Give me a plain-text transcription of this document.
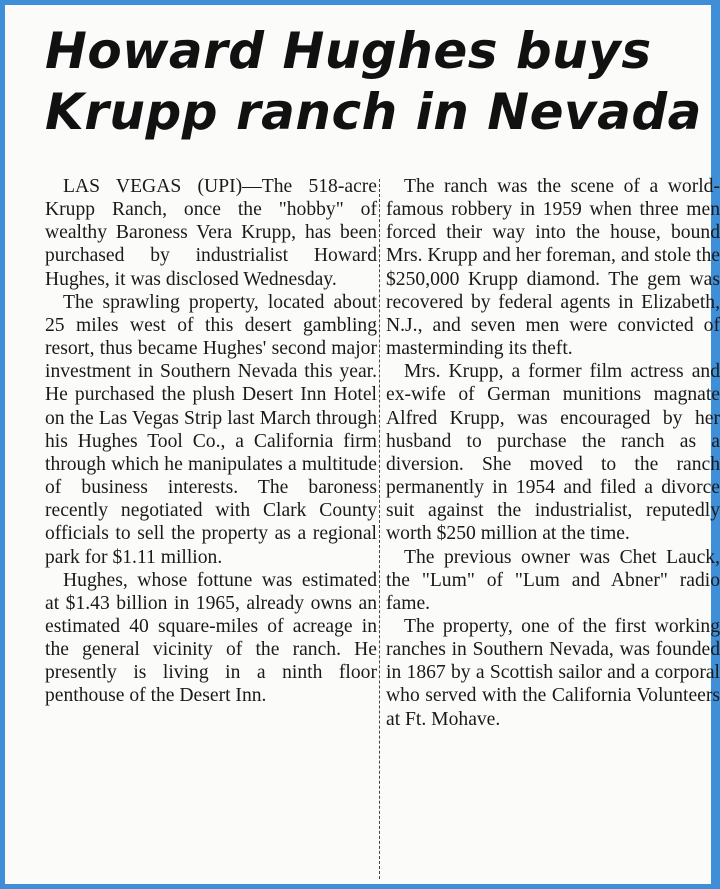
Howard Hughes buys
Krupp ranch in Nevada

LAS VEGAS (UPI)—The 518-acre Krupp Ranch, once the "hobby" of wealthy Baroness Vera Krupp, has been purchased by industrialist Howard Hughes, it was disclosed Wednesday.

The sprawling property, located about 25 miles west of this desert gambling resort, thus became Hughes' second major investment in Southern Nevada this year. He purchased the plush Desert Inn Hotel on the Las Vegas Strip last March through his Hughes Tool Co., a California firm through which he manipulates a multitude of business interests. The baroness recently negotiated with Clark County officials to sell the property as a regional park for $1.11 million.

Hughes, whose fottune was estimated at $1.43 billion in 1965, already owns an estimated 40 square-miles of acreage in the general vicinity of the ranch. He presently is living in a ninth floor penthouse of the Desert Inn.

The ranch was the scene of a world-famous robbery in 1959 when three men forced their way into the house, bound Mrs. Krupp and her foreman, and stole the $250,000 Krupp diamond. The gem was recovered by federal agents in Elizabeth, N.J., and seven men were convicted of masterminding its theft.

Mrs. Krupp, a former film actress and ex-wife of German munitions magnate Alfred Krupp, was encouraged by her husband to purchase the ranch as a diversion. She moved to the ranch permanently in 1954 and filed a divorce suit against the industrialist, reputedly worth $250 million at the time.

The previous owner was Chet Lauck, the "Lum" of "Lum and Abner" radio fame.

The property, one of the first working ranches in Southern Nevada, was founded in 1867 by a Scottish sailor and a corporal who served with the California Volunteers at Ft. Mohave.
